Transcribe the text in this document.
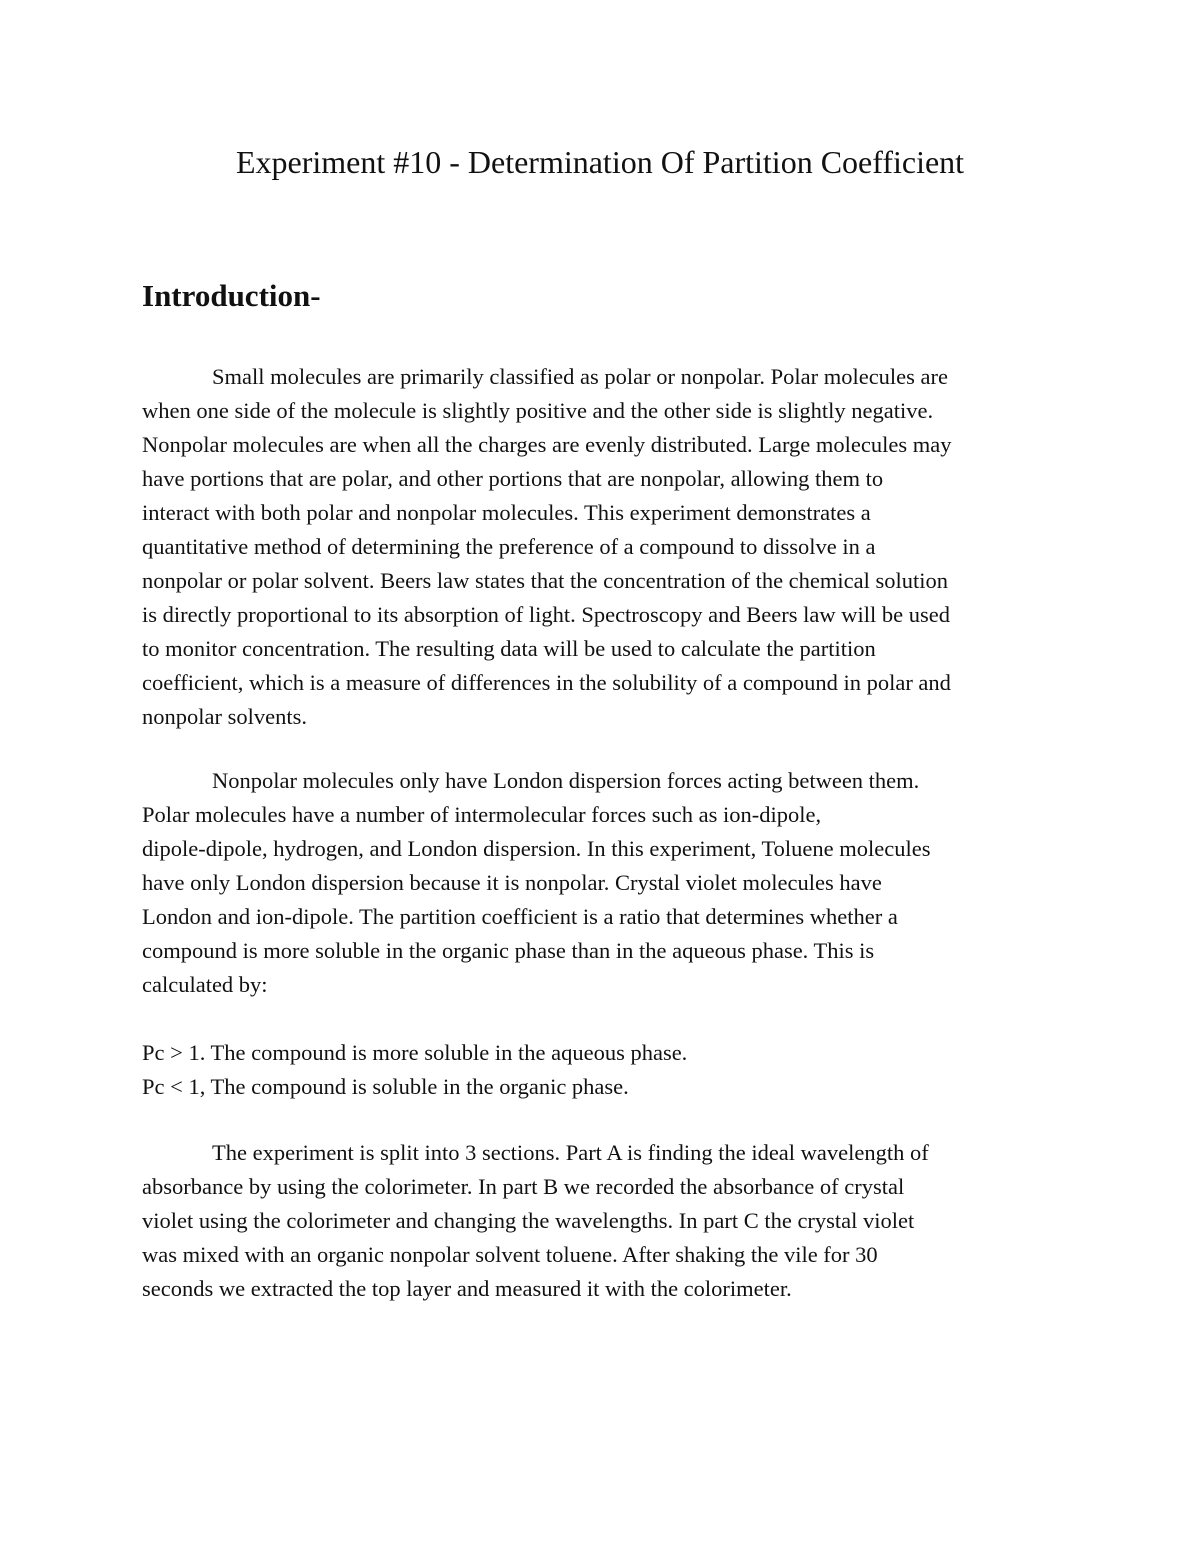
Experiment #10 - Determination Of Partition Coefficient
Introduction-
Small molecules are primarily classified as polar or nonpolar. Polar molecules are
when one side of the molecule is slightly positive and the other side is slightly negative.
Nonpolar molecules are when all the charges are evenly distributed. Large molecules may
have portions that are polar, and other portions that are nonpolar, allowing them to
interact with both polar and nonpolar molecules. This experiment demonstrates a
quantitative method of determining the preference of a compound to dissolve in a
nonpolar or polar solvent. Beers law states that the concentration of the chemical solution
is directly proportional to its absorption of light. Spectroscopy and Beers law will be used
to monitor concentration. The resulting data will be used to calculate the partition
coefficient, which is a measure of differences in the solubility of a compound in polar and
nonpolar solvents.
Nonpolar molecules only have London dispersion forces acting between them.
Polar molecules have a number of intermolecular forces such as ion-dipole,
dipole-dipole, hydrogen, and London dispersion. In this experiment, Toluene molecules
have only London dispersion because it is nonpolar. Crystal violet molecules have
London and ion-dipole. The partition coefficient is a ratio that determines whether a
compound is more soluble in the organic phase than in the aqueous phase. This is
calculated by:
Pc > 1. The compound is more soluble in the aqueous phase.
Pc < 1, The compound is soluble in the organic phase.
The experiment is split into 3 sections. Part A is finding the ideal wavelength of
absorbance by using the colorimeter. In part B we recorded the absorbance of crystal
violet using the colorimeter and changing the wavelengths. In part C the crystal violet
was mixed with an organic nonpolar solvent toluene. After shaking the vile for 30
seconds we extracted the top layer and measured it with the colorimeter.
